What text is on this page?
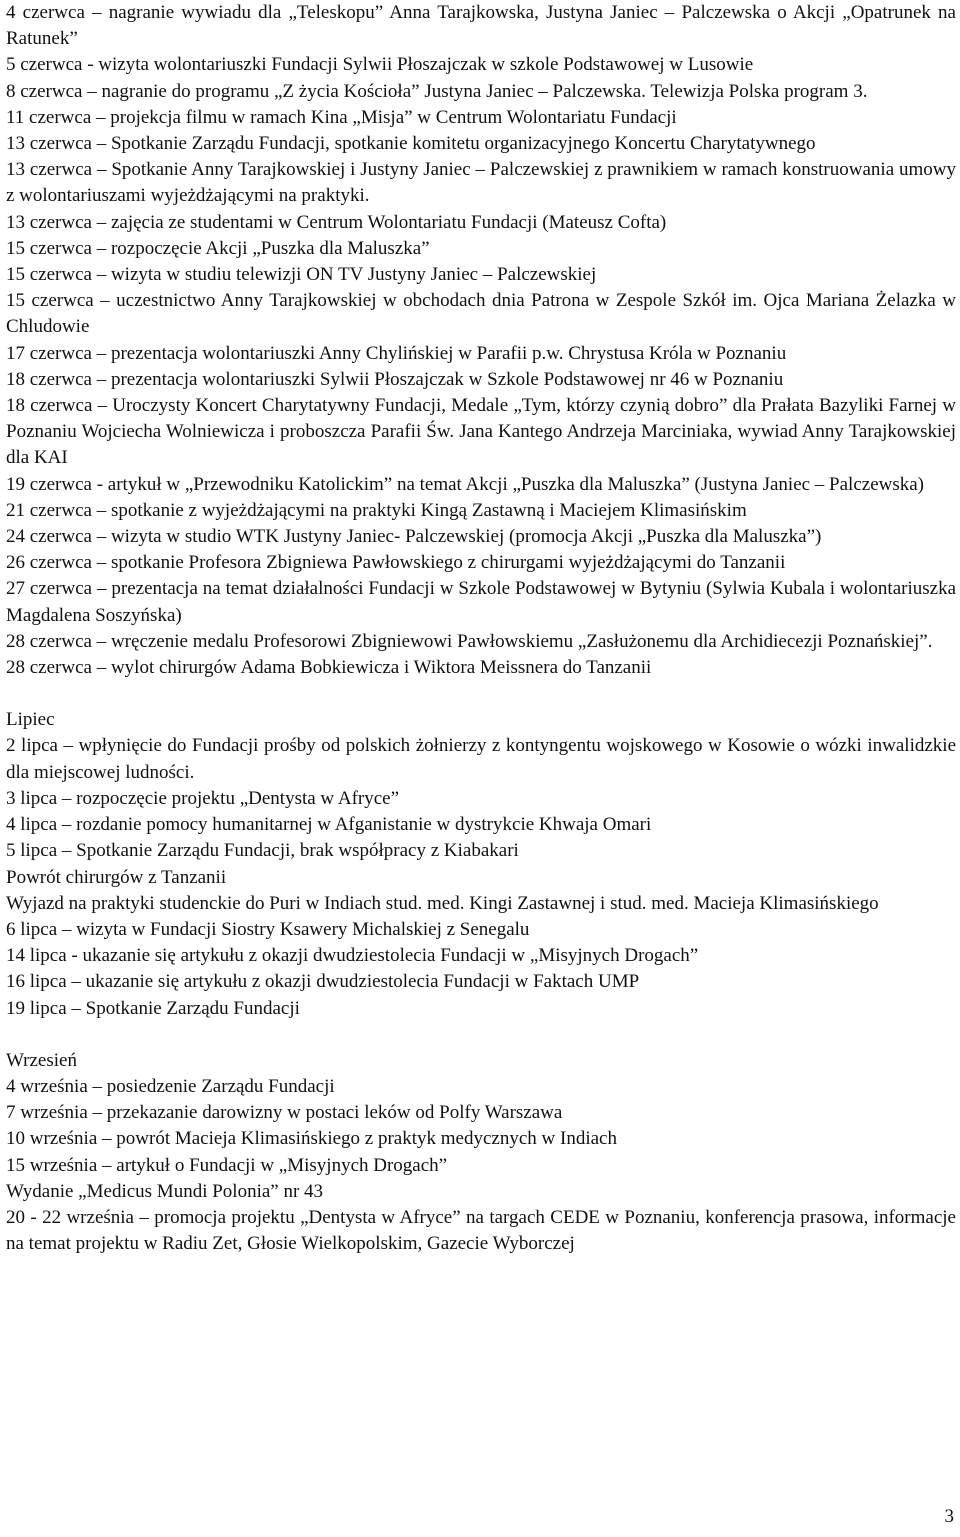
4 czerwca – nagranie wywiadu dla „Teleskopu” Anna Tarajkowska, Justyna Janiec – Palczewska o Akcji „Opatrunek na Ratunek”

5 czerwca - wizyta wolontariuszki Fundacji Sylwii Płoszajczak w szkole Podstawowej w Lusowie

8 czerwca – nagranie do programu „Z życia Kościoła” Justyna Janiec – Palczewska. Telewizja Polska program 3.

11 czerwca – projekcja filmu w ramach Kina „Misja” w Centrum Wolontariatu Fundacji

13 czerwca – Spotkanie Zarządu Fundacji, spotkanie komitetu organizacyjnego Koncertu Charytatywnego

13 czerwca – Spotkanie Anny Tarajkowskiej i Justyny Janiec – Palczewskiej z prawnikiem w ramach konstruowania umowy z wolontariuszami wyjeżdżającymi na praktyki.

13 czerwca – zajęcia ze studentami w Centrum Wolontariatu Fundacji (Mateusz Cofta)

15 czerwca – rozpoczęcie Akcji „Puszka dla Maluszka”

15 czerwca – wizyta w studiu telewizji ON TV Justyny Janiec – Palczewskiej

15 czerwca – uczestnictwo Anny Tarajkowskiej w obchodach dnia Patrona w Zespole Szkół im. Ojca Mariana Żelazka w Chludowie

17 czerwca – prezentacja wolontariuszki Anny Chylińskiej w Parafii p.w. Chrystusa Króla w Poznaniu

18 czerwca – prezentacja wolontariuszki Sylwii Płoszajczak w Szkole Podstawowej nr 46 w Poznaniu

18 czerwca – Uroczysty Koncert Charytatywny Fundacji, Medale „Tym, którzy czynią dobro” dla Prałata Bazyliki Farnej w Poznaniu Wojciecha Wolniewicza i proboszcza Parafii Św. Jana Kantego Andrzeja Marciniaka, wywiad Anny Tarajkowskiej dla KAI

19 czerwca - artykuł w „Przewodniku Katolickim” na temat Akcji „Puszka dla Maluszka” (Justyna Janiec – Palczewska)

21 czerwca – spotkanie z wyjeżdżającymi na praktyki Kingą Zastawną i Maciejem Klimasińskim

24 czerwca – wizyta w studio WTK Justyny Janiec- Palczewskiej (promocja Akcji „Puszka dla Maluszka”)

26 czerwca – spotkanie Profesora Zbigniewa Pawłowskiego z chirurgami wyjeżdżającymi do Tanzanii

27 czerwca – prezentacja na temat działalności Fundacji w Szkole Podstawowej w Bytyniu (Sylwia Kubala i wolontariuszka Magdalena Soszyńska)

28 czerwca – wręczenie medalu Profesorowi Zbigniewowi Pawłowskiemu „Zasłużonemu dla Archidiecezji Poznańskiej”.

28 czerwca – wylot chirurgów Adama Bobkiewicza i Wiktora Meissnera do Tanzanii

Lipiec

2 lipca – wpłynięcie do Fundacji prośby od polskich żołnierzy z kontyngentu wojskowego w Kosowie o wózki inwalidzkie dla miejscowej ludności.

3 lipca – rozpoczęcie projektu „Dentysta w Afryce”

4 lipca – rozdanie pomocy humanitarnej w Afganistanie w dystrykcie Khwaja Omari

5 lipca – Spotkanie Zarządu Fundacji, brak współpracy z Kiabakari

Powrót chirurgów z Tanzanii

Wyjazd na praktyki studenckie do Puri w Indiach stud. med. Kingi Zastawnej i stud. med. Macieja Klimasińskiego

6 lipca – wizyta w Fundacji Siostry Ksawery Michalskiej z Senegalu

14 lipca - ukazanie się artykułu z okazji dwudziestolecia Fundacji w „Misyjnych Drogach”

16 lipca – ukazanie się artykułu z okazji dwudziestolecia Fundacji w Faktach UMP

19 lipca – Spotkanie Zarządu Fundacji

Wrzesień

4 września – posiedzenie Zarządu Fundacji

7 września – przekazanie darowizny w postaci leków od Polfy Warszawa

10 września – powrót Macieja Klimasińskiego z praktyk medycznych w Indiach

15 września – artykuł o Fundacji w „Misyjnych Drogach”

Wydanie „Medicus Mundi Polonia” nr 43

20 - 22 września – promocja projektu „Dentysta w Afryce” na targach CEDE w Poznaniu, konferencja prasowa, informacje na temat projektu w Radiu Zet, Głosie Wielkopolskim, Gazecie Wyborczej

3
